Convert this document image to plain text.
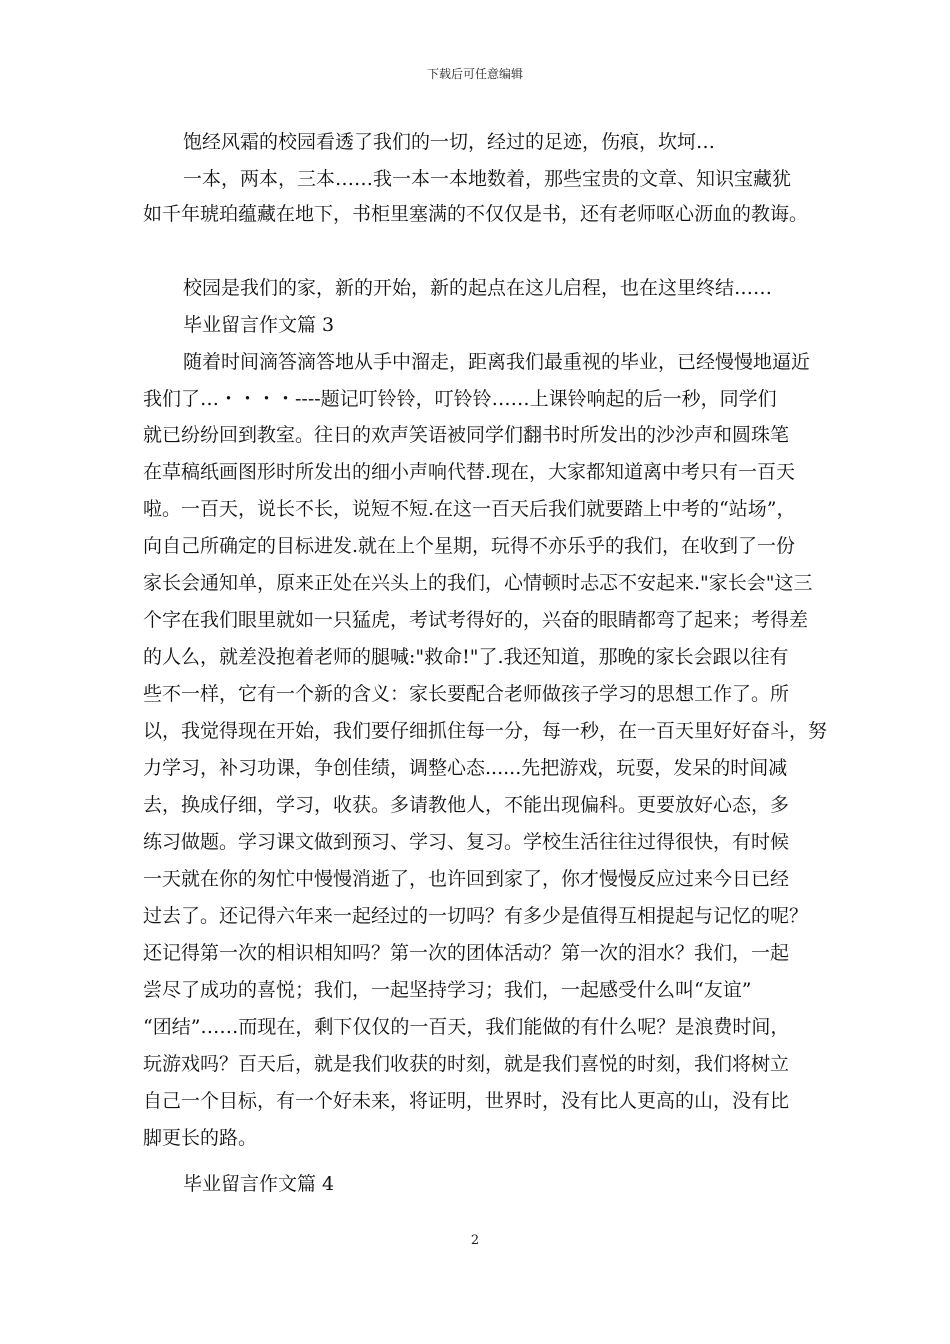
下载后可任意编辑
饱经风霜的校园看透了我们的一切，经过的足迹，伤痕，坎坷…
一本，两本，三本……我一本一本地数着，那些宝贵的文章、知识宝藏犹
如千年琥珀蕴藏在地下，书柜里塞满的不仅仅是书，还有老师呕心沥血的教诲。
校园是我们的家，新的开始，新的起点在这儿启程，也在这里终结……
毕业留言作文篇 3
随着时间滴答滴答地从手中溜走，距离我们最重视的毕业，已经慢慢地逼近
我们了…・・・・----题记叮铃铃，叮铃铃……上课铃响起的后一秒，同学们
就已纷纷回到教室。往日的欢声笑语被同学们翻书时所发出的沙沙声和圆珠笔
在草稿纸画图形时所发出的细小声响代替.现在，大家都知道离中考只有一百天
啦。一百天，说长不长，说短不短.在这一百天后我们就要踏上中考的“站场”，
向自己所确定的目标进发.就在上个星期，玩得不亦乐乎的我们，在收到了一份
家长会通知单，原来正处在兴头上的我们，心情顿时忐忑不安起来."家长会"这三
个字在我们眼里就如一只猛虎，考试考得好的，兴奋的眼睛都弯了起来；考得差
的人么，就差没抱着老师的腿喊:"救命!"了.我还知道，那晚的家长会跟以往有
些不一样，它有一个新的含义：家长要配合老师做孩子学习的思想工作了。所
以，我觉得现在开始，我们要仔细抓住每一分，每一秒，在一百天里好好奋斗，努
力学习，补习功课，争创佳绩，调整心态......先把游戏，玩耍，发呆的时间减
去，换成仔细，学习，收获。多请教他人，不能出现偏科。更要放好心态，多
练习做题。学习课文做到预习、学习、复习。学校生活往往过得很快，有时候
一天就在你的匆忙中慢慢消逝了，也许回到家了，你才慢慢反应过来今日已经
过去了。还记得六年来一起经过的一切吗？有多少是值得互相提起与记忆的呢？
还记得第一次的相识相知吗？第一次的团体活动？第一次的泪水？我们，一起
尝尽了成功的喜悦；我们，一起坚持学习；我们，一起感受什么叫“友谊”
“团结”……而现在，剩下仅仅的一百天，我们能做的有什么呢？是浪费时间，
玩游戏吗？百天后，就是我们收获的时刻，就是我们喜悦的时刻，我们将树立
自己一个目标，有一个好未来，将证明，世界时，没有比人更高的山，没有比
脚更长的路。
毕业留言作文篇 4
2
